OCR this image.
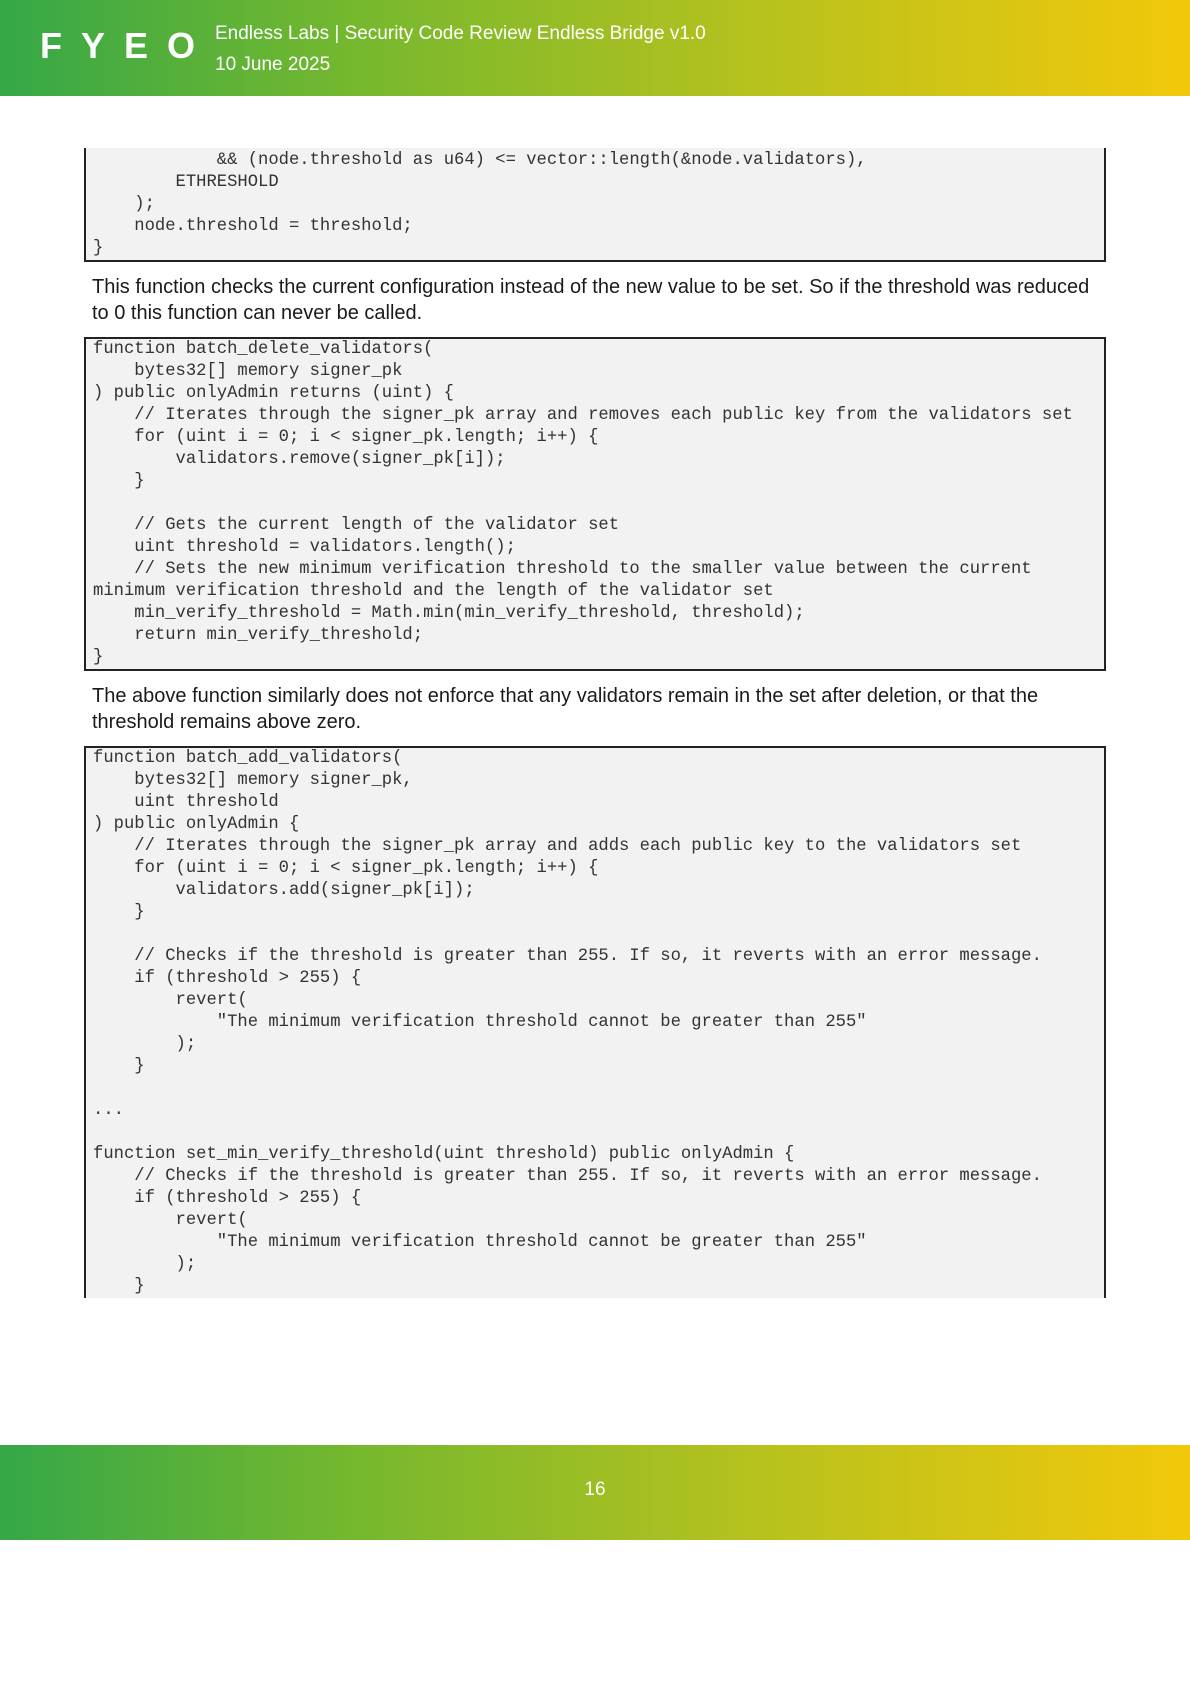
FYEO Endless Labs | Security Code Review Endless Bridge v1.0
10 June 2025
&& (node.threshold as u64) <= vector::length(&node.validators),
ETHRESHOLD
);
node.threshold = threshold;
}

This function checks the current configuration instead of the new value to be set. So if the threshold was reduced to 0 this function can never be called.

function batch_delete_validators(
bytes32[] memory signer_pk
) public onlyAdmin returns (uint) {
// Iterates through the signer_pk array and removes each public key from the validators set
for (uint i = 0; i < signer_pk.length; i++) {
validators.remove(signer_pk[i]);
}

// Gets the current length of the validator set
uint threshold = validators.length();
// Sets the new minimum verification threshold to the smaller value between the current minimum verification threshold and the length of the validator set
min_verify_threshold = Math.min(min_verify_threshold, threshold);
return min_verify_threshold;
}

The above function similarly does not enforce that any validators remain in the set after deletion, or that the threshold remains above zero.

function batch_add_validators(
bytes32[] memory signer_pk,
uint threshold
) public onlyAdmin {
// Iterates through the signer_pk array and adds each public key to the validators set
for (uint i = 0; i < signer_pk.length; i++) {
validators.add(signer_pk[i]);
}

// Checks if the threshold is greater than 255. If so, it reverts with an error message.
if (threshold > 255) {
revert(
"The minimum verification threshold cannot be greater than 255"
);
}

...

function set_min_verify_threshold(uint threshold) public onlyAdmin {
// Checks if the threshold is greater than 255. If so, it reverts with an error message.
if (threshold > 255) {
revert(
"The minimum verification threshold cannot be greater than 255"
);
}
16
